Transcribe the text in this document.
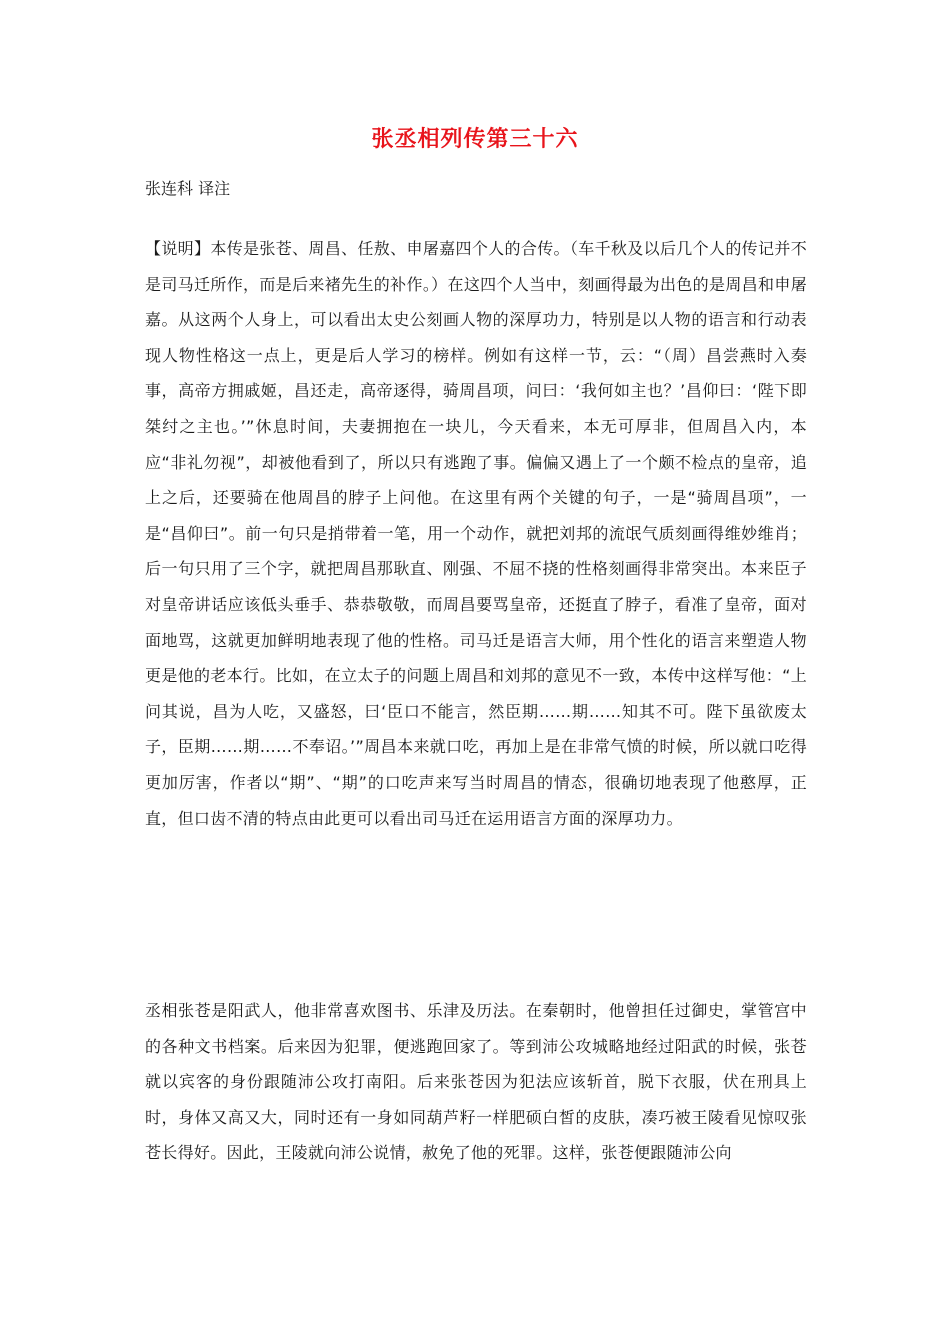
张丞相列传第三十六

张连科 译注

【说明】本传是张苍、周昌、任敖、申屠嘉四个人的合传。（车千秋及以后几个人的传记并不是司马迁所作，而是后来褚先生的补作。）在这四个人当中，刻画得最为出色的是周昌和申屠嘉。从这两个人身上，可以看出太史公刻画人物的深厚功力，特别是以人物的语言和行动表现人物性格这一点上，更是后人学习的榜样。例如有这样一节，云：“（周）昌尝燕时入奏事，高帝方拥戚姬，昌还走，高帝逐得，骑周昌项，问曰：‘我何如主也？’昌仰曰：‘陛下即桀纣之主也。’”休息时间，夫妻拥抱在一块儿，今天看来，本无可厚非，但周昌入内，本应“非礼勿视”，却被他看到了，所以只有逃跑了事。偏偏又遇上了一个颇不检点的皇帝，追上之后，还要骑在他周昌的脖子上问他。在这里有两个关键的句子，一是“骑周昌项”，一是“昌仰曰”。前一句只是捎带着一笔，用一个动作，就把刘邦的流氓气质刻画得维妙维肖；后一句只用了三个字，就把周昌那耿直、刚强、不屈不挠的性格刻画得非常突出。本来臣子对皇帝讲话应该低头垂手、恭恭敬敬，而周昌要骂皇帝，还挺直了脖子，看准了皇帝，面对面地骂，这就更加鲜明地表现了他的性格。司马迁是语言大师，用个性化的语言来塑造人物更是他的老本行。比如，在立太子的问题上周昌和刘邦的意见不一致，本传中这样写他：“上问其说，昌为人吃，又盛怒，曰‘臣口不能言，然臣期……期……知其不可。陛下虽欲废太子，臣期……期……不奉诏。’”周昌本来就口吃，再加上是在非常气愤的时候，所以就口吃得更加厉害，作者以“期”、“期”的口吃声来写当时周昌的情态，很确切地表现了他憨厚，正直，但口齿不清的特点由此更可以看出司马迁在运用语言方面的深厚功力。

丞相张苍是阳武人，他非常喜欢图书、乐津及历法。在秦朝时，他曾担任过御史，掌管宫中的各种文书档案。后来因为犯罪，便逃跑回家了。等到沛公攻城略地经过阳武的时候，张苍就以宾客的身份跟随沛公攻打南阳。后来张苍因为犯法应该斩首，脱下衣服，伏在刑具上时，身体又高又大，同时还有一身如同葫芦籽一样肥硕白皙的皮肤，凑巧被王陵看见惊叹张苍长得好。因此，王陵就向沛公说情，赦免了他的死罪。这样，张苍便跟随沛公向
